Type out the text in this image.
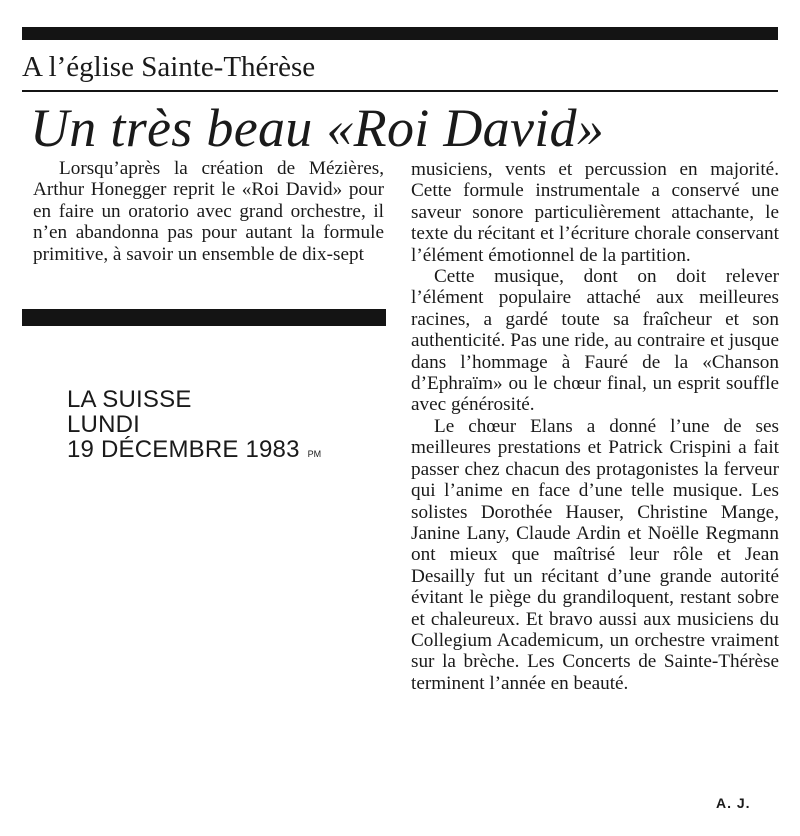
A l’église Sainte-Thérèse
Un très beau «Roi David»

Lorsqu’après la création de Mézières, Arthur Honegger reprit le «Roi David» pour en faire un oratorio avec grand orchestre, il n’en abandonna pas pour autant la formule primitive, à savoir un ensemble de dix-sept

LA SUISSE
LUNDI
19 DÉCEMBRE 1983 PM

musiciens, vents et percussion en majorité. Cette formule instrumentale a conservé une saveur sonore particulièrement attachante, le texte du récitant et l’écriture chorale conservant l’élément émotionnel de la partition.

Cette musique, dont on doit relever l’élément populaire attaché aux meilleures racines, a gardé toute sa fraîcheur et son authenticité. Pas une ride, au contraire et jusque dans l’hommage à Fauré de la «Chanson d’Ephraïm» ou le chœur final, un esprit souffle avec générosité.

Le chœur Elans a donné l’une de ses meilleures prestations et Patrick Crispini a fait passer chez chacun des protagonistes la ferveur qui l’anime en face d’une telle musique. Les solistes Dorothée Hauser, Christine Mange, Janine Lany, Claude Ardin et Noëlle Regmann ont mieux que maîtrisé leur rôle et Jean Desailly fut un récitant d’une grande autorité évitant le piège du grandiloquent, restant sobre et chaleureux. Et bravo aussi aux musiciens du Collegium Academicum, un orchestre vraiment sur la brèche. Les Concerts de Sainte-Thérèse terminent l’année en beauté.

A. J.
